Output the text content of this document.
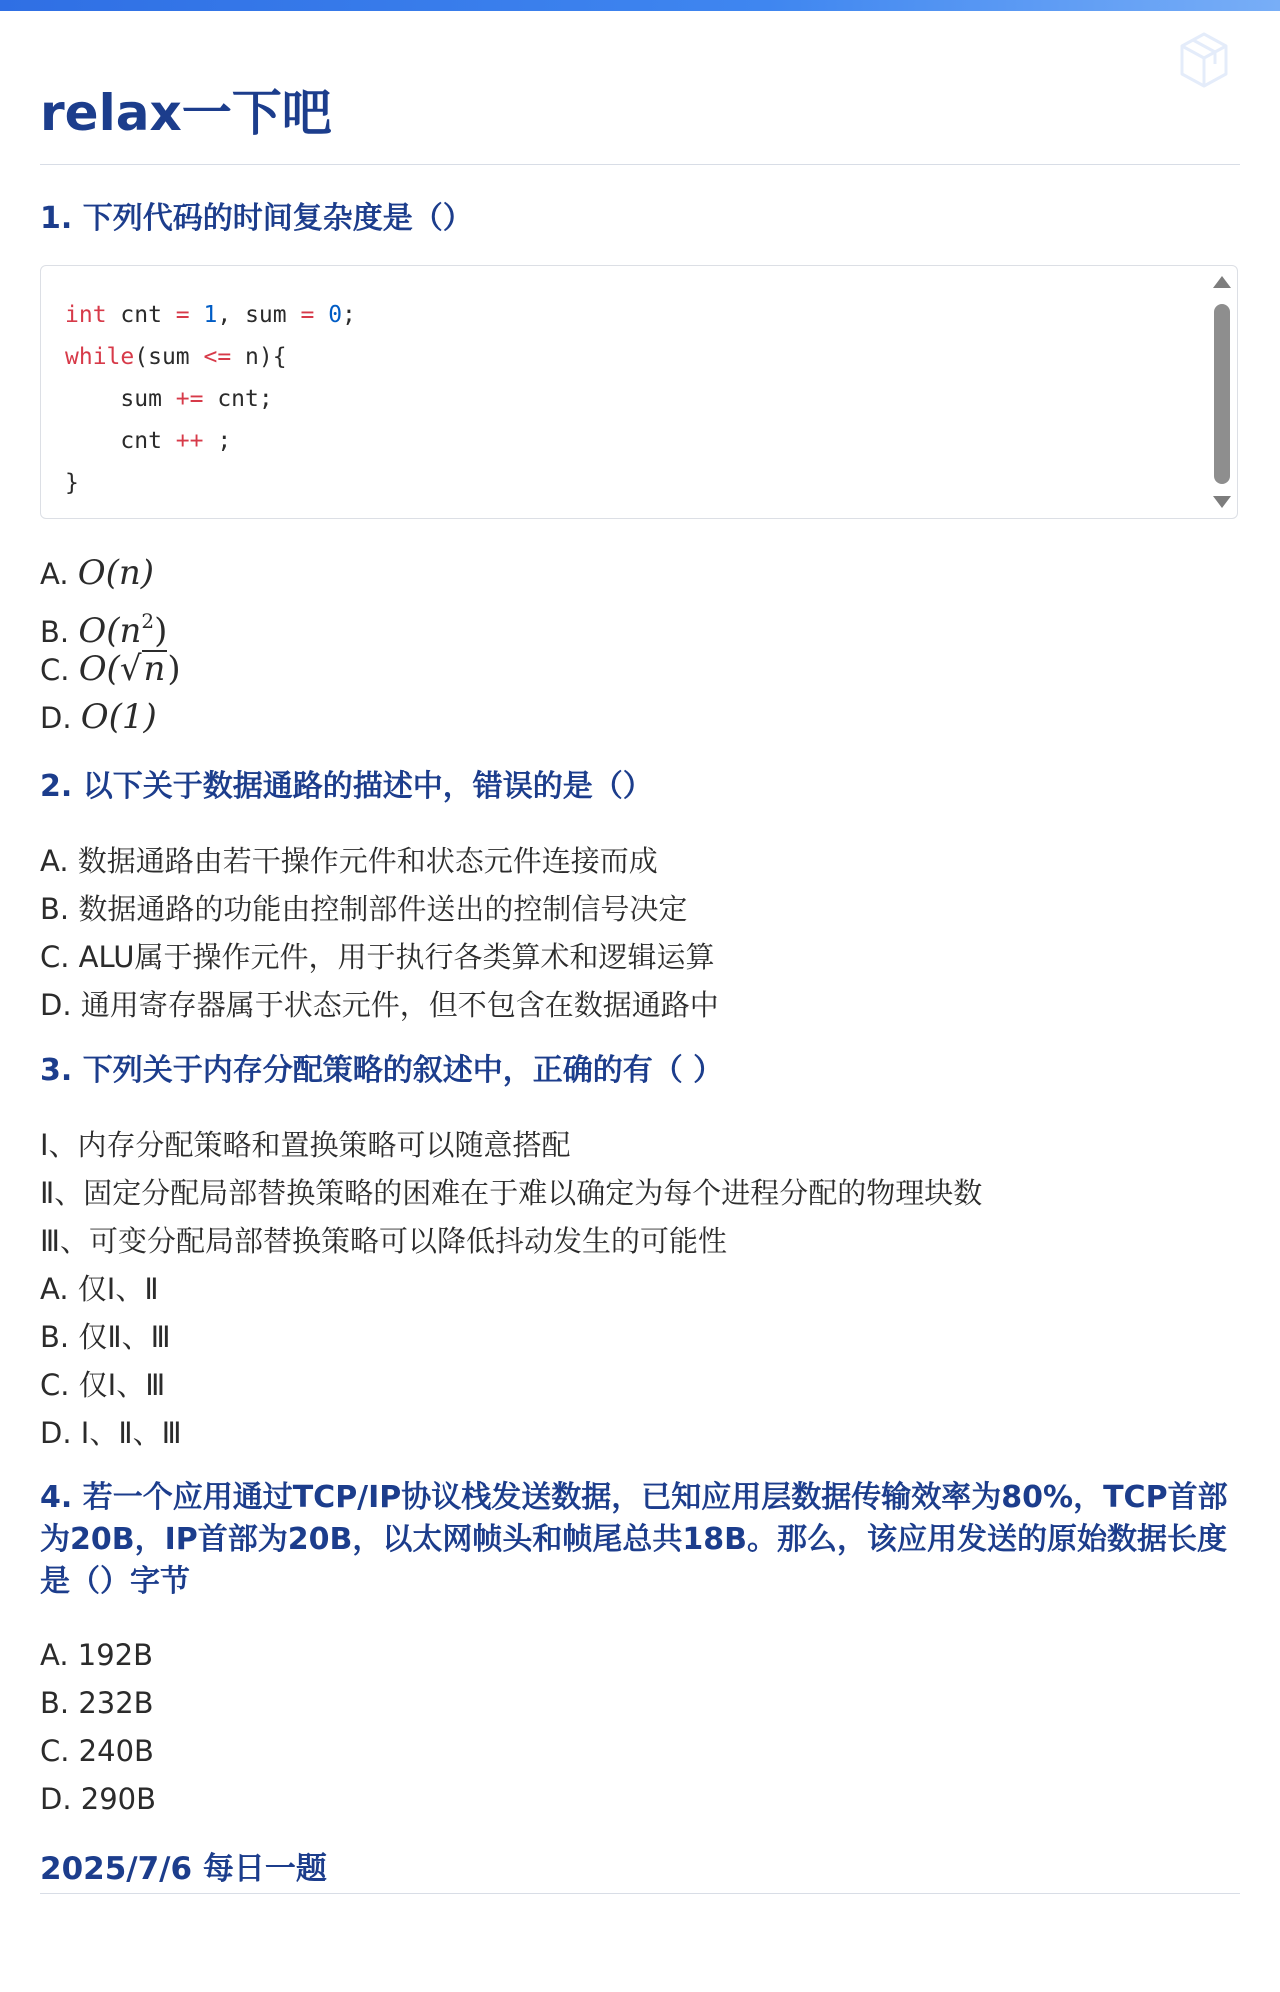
relax一下吧
1. 下列代码的时间复杂度是（）
int cnt = 1, sum = 0;
while(sum <= n){
sum += cnt;
cnt ++ ;
}
A. O(n)
B. $O(n^2)$
C. O(√n)
D. O(1)
2. 以下关于数据通路的描述中，错误的是（）
A. 数据通路由若干操作元件和状态元件连接而成
B. 数据通路的功能由控制部件送出的控制信号决定
C. ALU属于操作元件，用于执行各类算术和逻辑运算
D. 通用寄存器属于状态元件，但不包含在数据通路中
3. 下列关于内存分配策略的叙述中，正确的有（ ）
Ⅰ、内存分配策略和置换策略可以随意搭配
Ⅱ、固定分配局部替换策略的困难在于难以确定为每个进程分配的物理块数
Ⅲ、可变分配局部替换策略可以降低抖动发生的可能性
A. 仅Ⅰ、Ⅱ
B. 仅Ⅱ、Ⅲ
C. 仅Ⅰ、Ⅲ
D. Ⅰ、Ⅱ、Ⅲ
4. 若一个应用通过TCP/IP协议栈发送数据，已知应用层数据传输效率为80%，TCP首部为20B，IP首部为20B，以太网帧头和帧尾总共18B。那么，该应用发送的原始数据长度是（）字节
A. 192B
B. 232B
C. 240B
D. 290B
2025/7/6 每日一题
